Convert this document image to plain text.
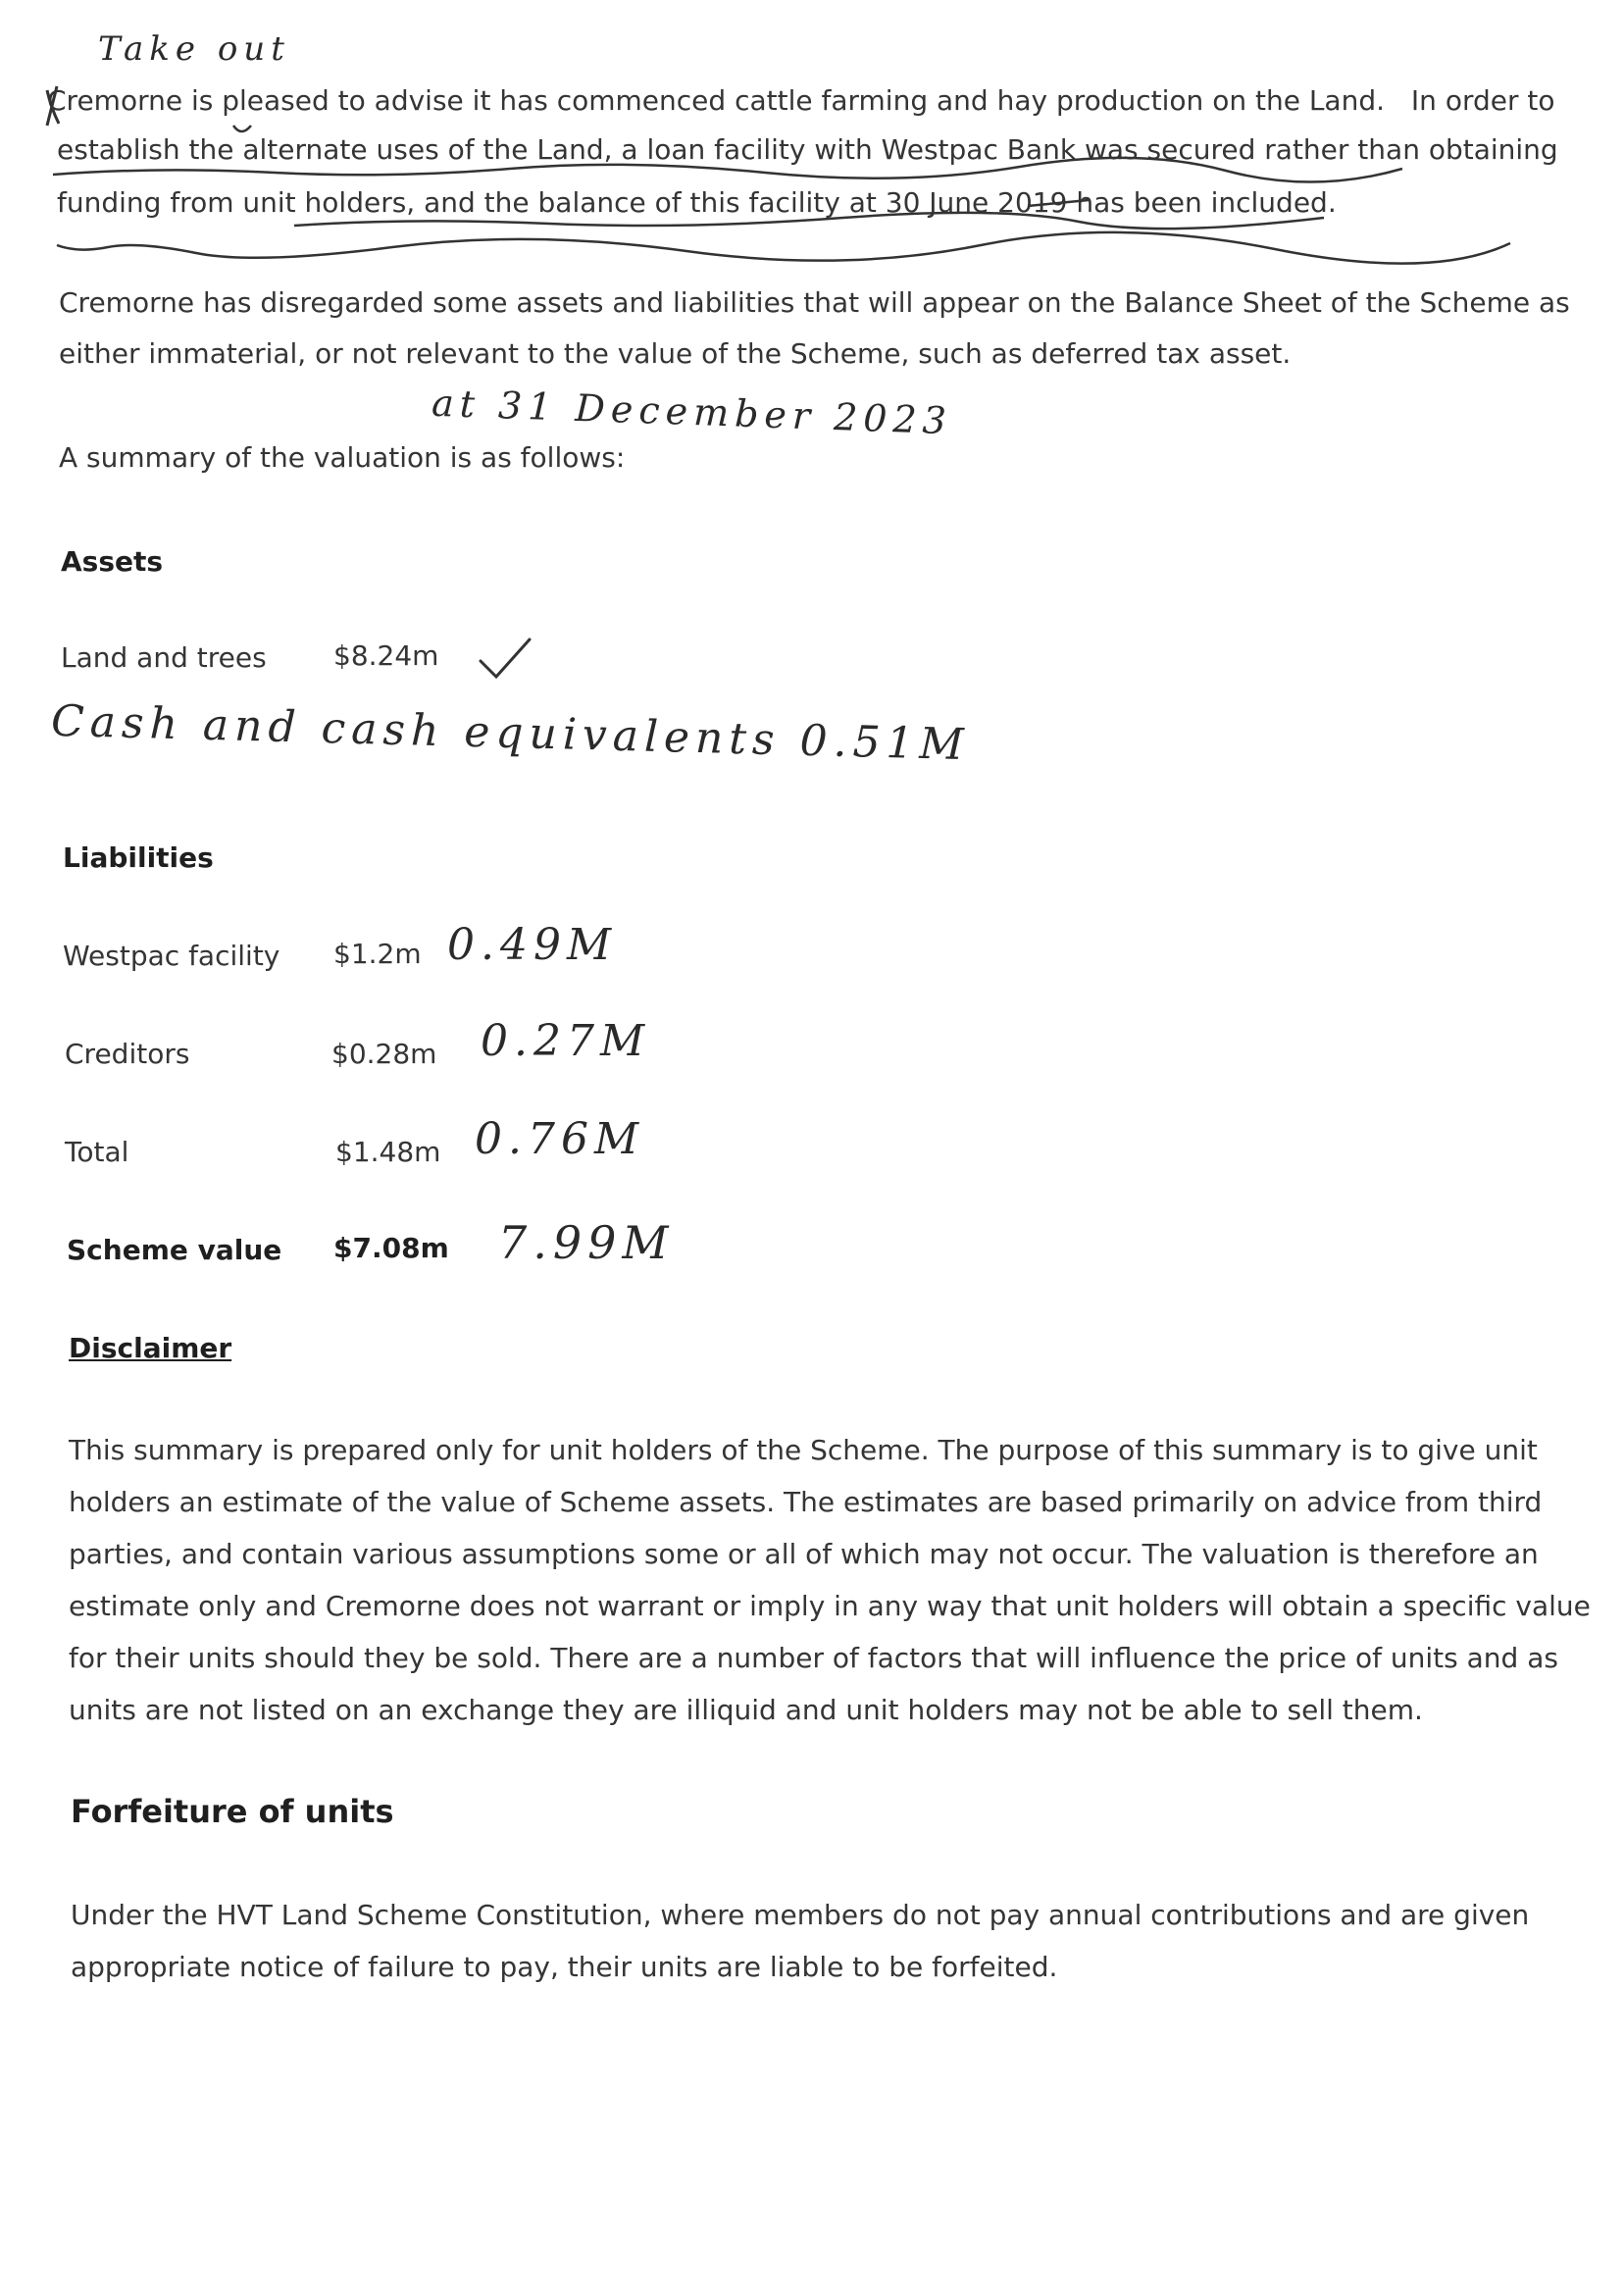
Take out
Cremorne is pleased to advise it has commenced cattle farming and hay production on the Land. In order to
establish the alternate uses of the Land, a loan facility with Westpac Bank was secured rather than obtaining
funding from unit holders, and the balance of this facility at 30 June 2019 has been included.
Cremorne has disregarded some assets and liabilities that will appear on the Balance Sheet of the Scheme as
either immaterial, or not relevant to the value of the Scheme, such as deferred tax asset.
at 31 December 2023
A summary of the valuation is as follows:
Assets
Land and trees $8.24m
Cash and cash equivalents 0.51M
Liabilities
Westpac facility $1.2m 0.49M
Creditors	$0.28m 0.27M
Total	$1.48m 0.76M
Scheme value $7.08m 7.99M
Disclaimer
This summary is prepared only for unit holders of the Scheme. The purpose of this summary is to give unit
holders an estimate of the value of Scheme assets. The estimates are based primarily on advice from third
parties, and contain various assumptions some or all of which may not occur. The valuation is therefore an
estimate only and Cremorne does not warrant or imply in any way that unit holders will obtain a specific value
for their units should they be sold. There are a number of factors that will influence the price of units and as
units are not listed on an exchange they are illiquid and unit holders may not be able to sell them.
Forfeiture of units
Under the HVT Land Scheme Constitution, where members do not pay annual contributions and are given
appropriate notice of failure to pay, their units are liable to be forfeited.
